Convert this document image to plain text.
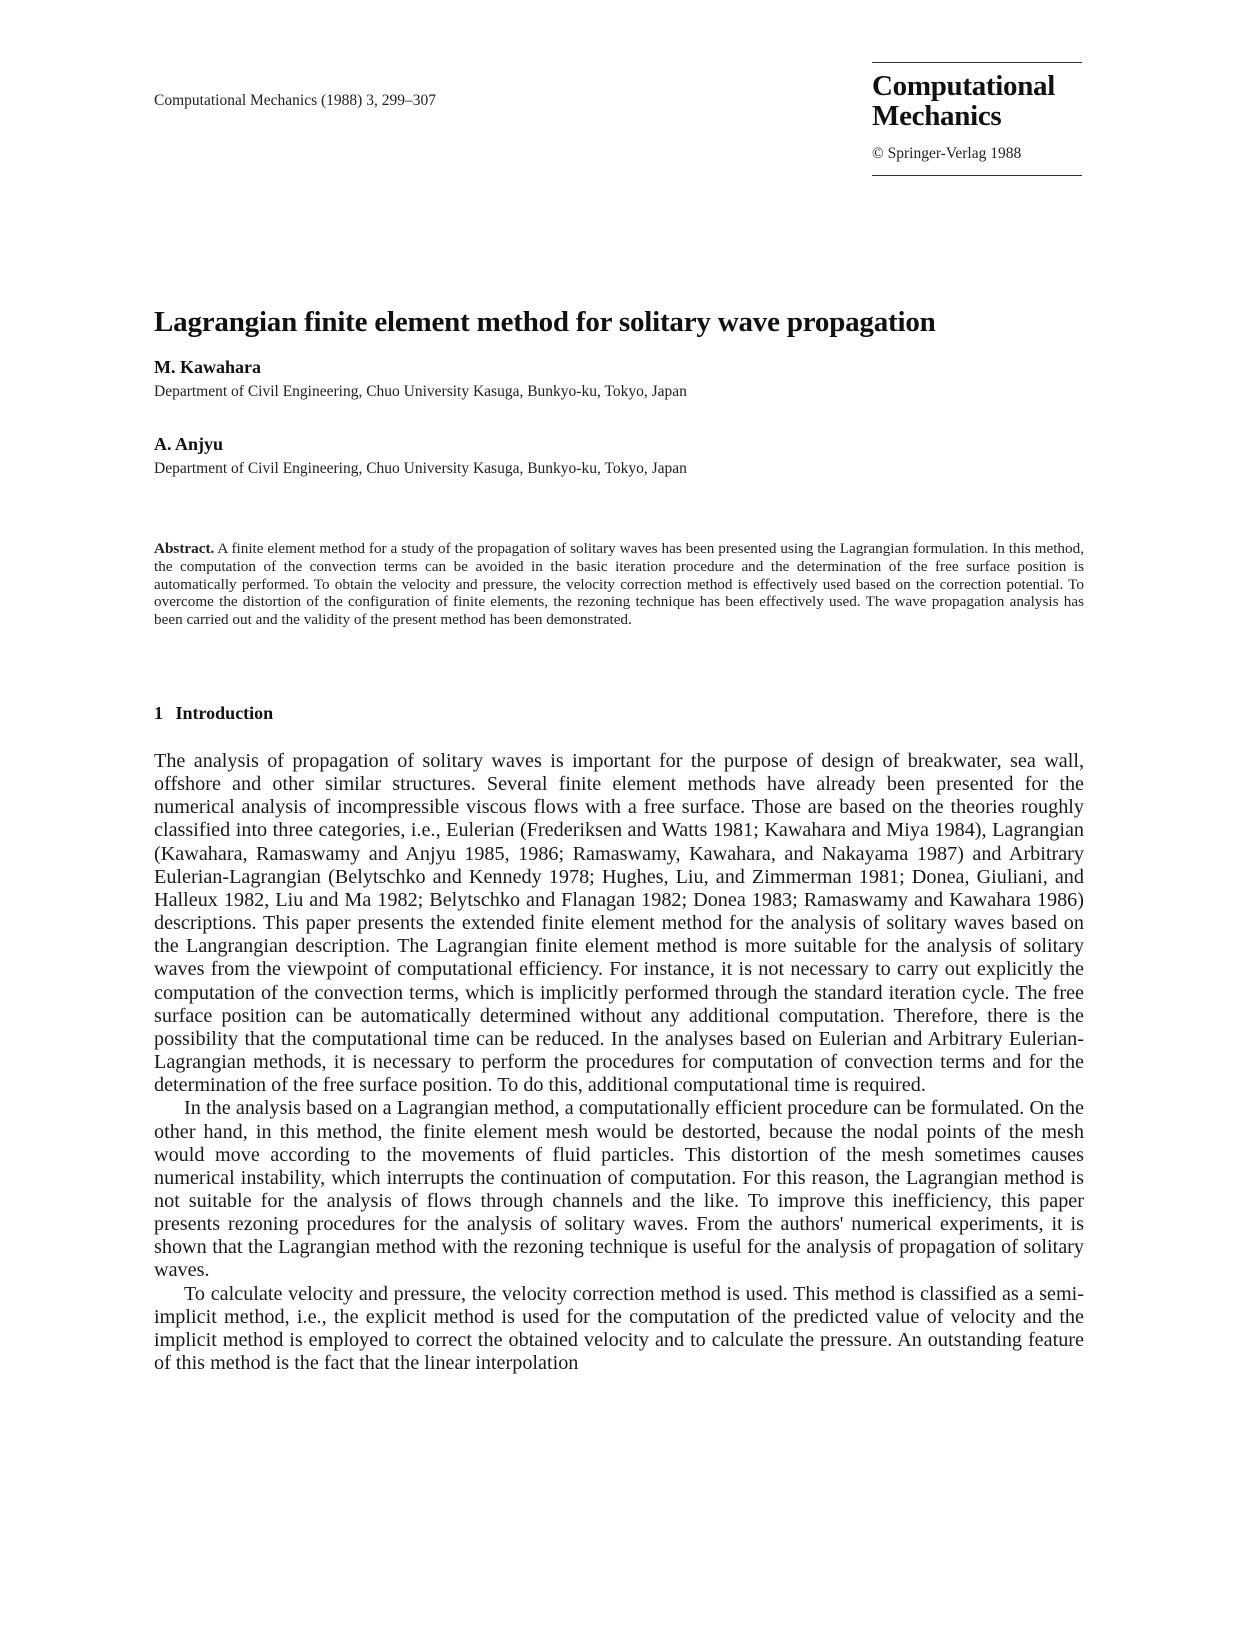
Computational Mechanics (1988) 3, 299–307	Computational
Mechanics
© Springer-Verlag 1988
Lagrangian finite element method for solitary wave propagation
M. Kawahara
Department of Civil Engineering, Chuo University Kasuga, Bunkyo-ku, Tokyo, Japan
A. Anjyu
Department of Civil Engineering, Chuo University Kasuga, Bunkyo-ku, Tokyo, Japan
Abstract. A finite element method for a study of the propagation of solitary waves has been presented using the Lagrangian formulation. In this method, the computation of the convection terms can be avoided in the basic iteration procedure and the determination of the free surface position is automatically performed. To obtain the velocity and pressure, the velocity correction method is effectively used based on the correction potential. To overcome the distortion of the configuration of finite elements, the rezoning technique has been effectively used. The wave propagation analysis has been carried out and the validity of the present method has been demonstrated.
1 Introduction

The analysis of propagation of solitary waves is important for the purpose of design of breakwater, sea wall, offshore and other similar structures. Several finite element methods have already been presented for the numerical analysis of incompressible viscous flows with a free surface. Those are based on the theories roughly classified into three categories, i.e., Eulerian (Frederiksen and Watts 1981; Kawahara and Miya 1984), Lagrangian (Kawahara, Ramaswamy and Anjyu 1985, 1986; Ramaswamy, Kawahara, and Nakayama 1987) and Arbitrary Eulerian-Lagrangian (Belytschko and Kennedy 1978; Hughes, Liu, and Zimmerman 1981; Donea, Giuliani, and Halleux 1982, Liu and Ma 1982; Belytschko and Flanagan 1982; Donea 1983; Ramaswamy and Kawahara 1986) descriptions. This paper presents the extended finite element method for the analysis of solitary waves based on the Langrangian description. The Lagrangian finite element method is more suitable for the analysis of solitary waves from the viewpoint of computational efficiency. For instance, it is not necessary to carry out explicitly the computation of the convection terms, which is implicitly performed through the standard iteration cycle. The free surface position can be automatically determined without any additional computation. Therefore, there is the possibility that the computational time can be reduced. In the analyses based on Eulerian and Arbitrary Eulerian-Lagrangian methods, it is necessary to perform the procedures for computation of convection terms and for the determination of the free surface position. To do this, additional computational time is required.

In the analysis based on a Lagrangian method, a computationally efficient procedure can be formulated. On the other hand, in this method, the finite element mesh would be destorted, because the nodal points of the mesh would move according to the movements of fluid particles. This distortion of the mesh sometimes causes numerical instability, which interrupts the continuation of computation. For this reason, the Lagrangian method is not suitable for the analysis of flows through channels and the like. To improve this inefficiency, this paper presents rezoning procedures for the analysis of solitary waves. From the authors' numerical experiments, it is shown that the Lagrangian method with the rezoning technique is useful for the analysis of propagation of solitary waves.

To calculate velocity and pressure, the velocity correction method is used. This method is classified as a semi-implicit method, i.e., the explicit method is used for the computation of the predicted value of velocity and the implicit method is employed to correct the obtained velocity and to calculate the pressure. An outstanding feature of this method is the fact that the linear interpolation
